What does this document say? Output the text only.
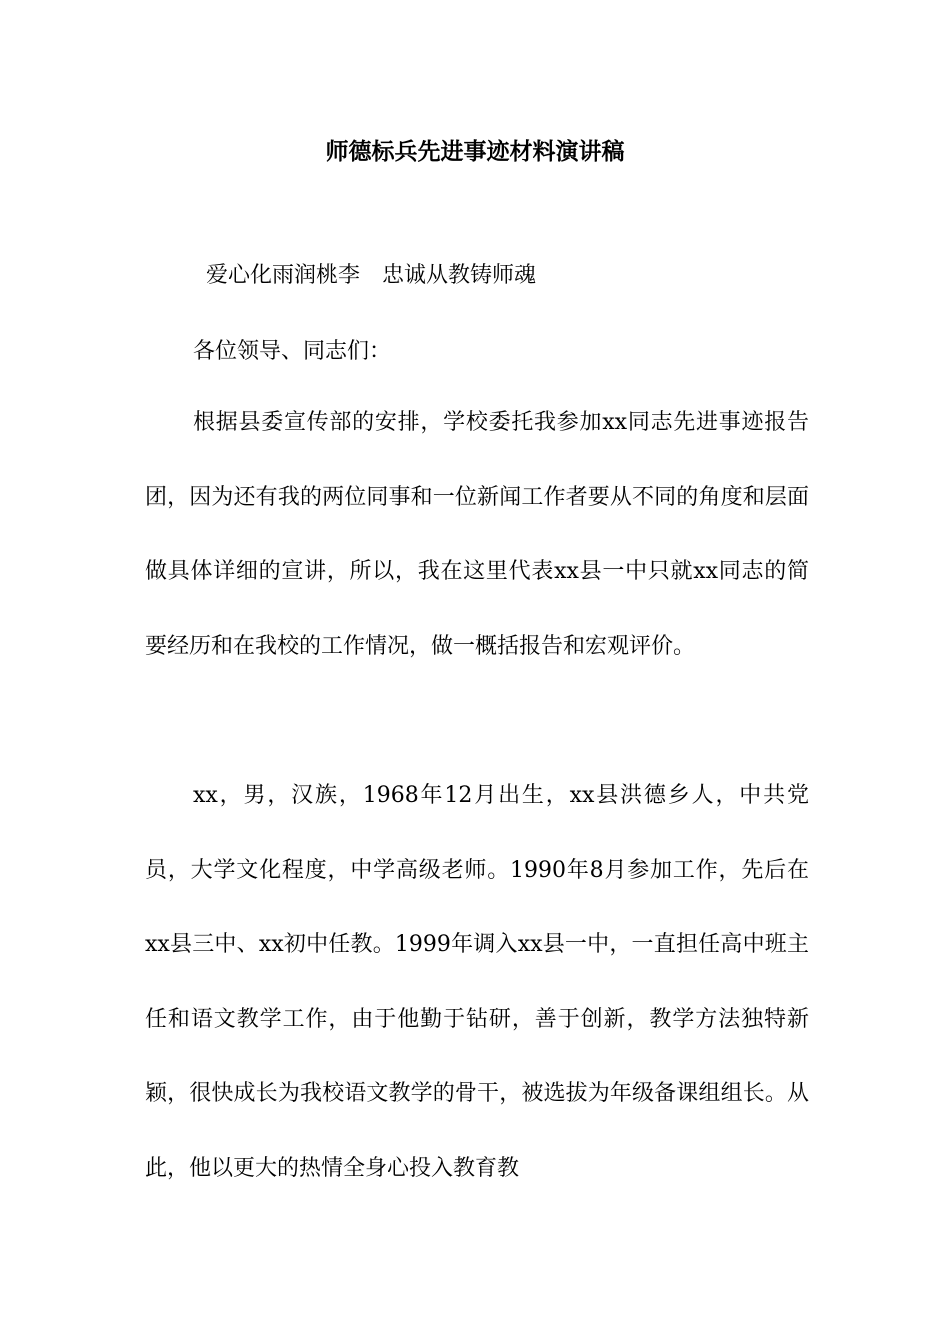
师德标兵先进事迹材料演讲稿
爱心化雨润桃李　忠诚从教铸师魂
各位领导、同志们：
根据县委宣传部的安排，学校委托我参加xx同志先进事迹报告团，因为还有我的两位同事和一位新闻工作者要从不同的角度和层面做具体详细的宣讲，所以，我在这里代表xx县一中只就xx同志的简要经历和在我校的工作情况，做一概括报告和宏观评价。
xx，男，汉族，1968年12月出生，xx县洪德乡人，中共党员，大学文化程度，中学高级老师。1990年8月参加工作，先后在xx县三中、xx初中任教。1999年调入xx县一中，一直担任高中班主任和语文教学工作，由于他勤于钻研，善于创新，教学方法独特新颖，很快成长为我校语文教学的骨干，被选拔为年级备课组组长。从此，他以更大的热情全身心投入教育教
